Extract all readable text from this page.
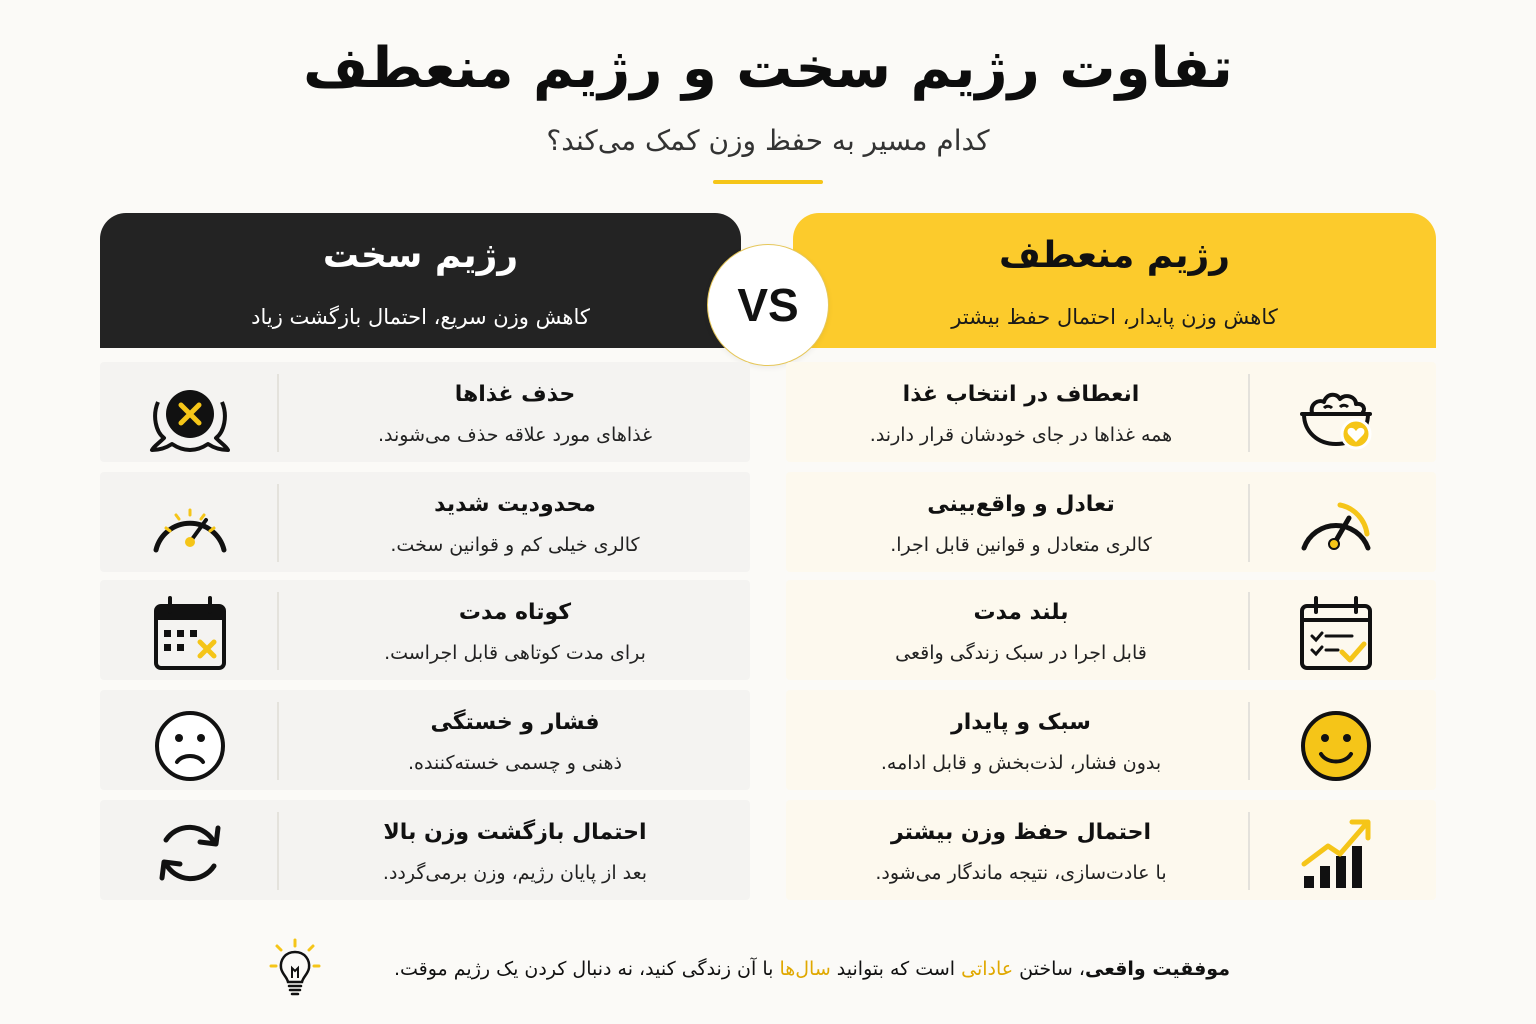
تفاوت رژیم سخت و رژیم منعطف
کدام مسیر به حفظ وزن کمک می‌کند؟
رژیم منعطف
کاهش وزن پایدار، احتمال حفظ بیشتر
رژیم سخت
کاهش وزن سریع، احتمال بازگشت زیاد	VS
انعطاف در انتخاب غذا
همه غذاها در جای خودشان قرار دارند.
تعادل و واقع‌بینی
کالری متعادل و قوانین قابل اجرا.
بلند مدت
قابل اجرا در سبک زندگی واقعی
سبک و پایدار
بدون فشار، لذت‌بخش و قابل ادامه.
احتمال حفظ وزن بیشتر
با عادت‌سازی، نتیجه ماندگار می‌شود.
حذف غذاها
غذاهای مورد علاقه حذف می‌شوند.
محدودیت شدید
کالری خیلی کم و قوانین سخت.
کوتاه مدت
برای مدت کوتاهی قابل اجراست.
فشار و خستگی
ذهنی و چسمی خسته‌کننده.
احتمال بازگشت وزن بالا
بعد از پایان رژیم، وزن برمی‌گردد.
موفقیت واقعی، ساختن عاداتی است که بتوانید سال‌ها با آن زندگی کنید، نه دنبال کردن یک رژیم موقت.
